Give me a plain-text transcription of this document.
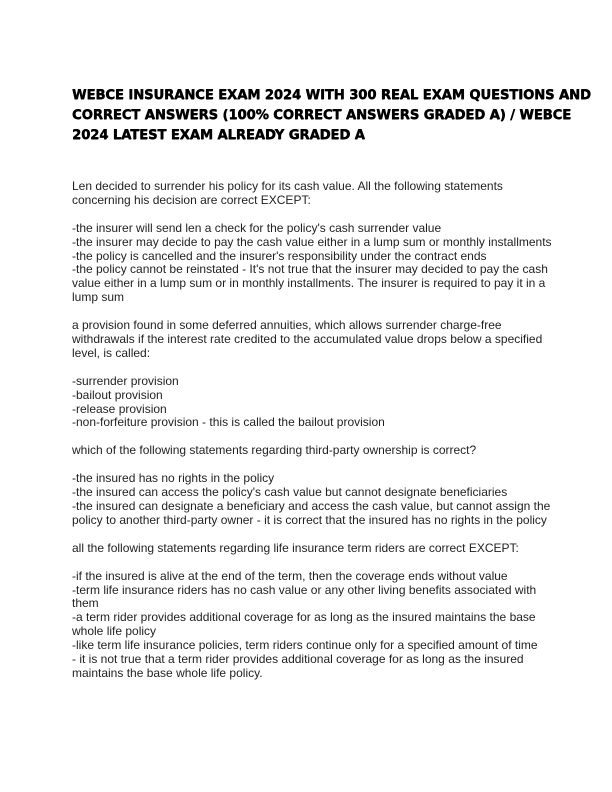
WEBCE INSURANCE EXAM 2024 WITH 300 REAL EXAM QUESTIONS AND
CORRECT ANSWERS (100% CORRECT ANSWERS GRADED A) / WEBCE
2024 LATEST EXAM ALREADY GRADED A

Len decided to surrender his policy for its cash value. All the following statements concerning his decision are correct EXCEPT:

-the insurer will send len a check for the policy's cash surrender value

-the insurer may decide to pay the cash value either in a lump sum or monthly installments

-the policy is cancelled and the insurer's responsibility under the contract ends

-the policy cannot be reinstated - It's not true that the insurer may decided to pay the cash value either in a lump sum or in monthly installments. The insurer is required to pay it in a lump sum

a provision found in some deferred annuities, which allows surrender charge-free withdrawals if the interest rate credited to the accumulated value drops below a specified level, is called:

-surrender provision

-bailout provision

-release provision

-non-forfeiture provision - this is called the bailout provision

which of the following statements regarding third-party ownership is correct?

-the insured has no rights in the policy

-the insured can access the policy's cash value but cannot designate beneficiaries

-the insured can designate a beneficiary and access the cash value, but cannot assign the policy to another third-party owner - it is correct that the insured has no rights in the policy

all the following statements regarding life insurance term riders are correct EXCEPT:

-if the insured is alive at the end of the term, then the coverage ends without value

-term life insurance riders has no cash value or any other living benefits associated with them

-a term rider provides additional coverage for as long as the insured maintains the base whole life policy

-like term life insurance policies, term riders continue only for a specified amount of time

- it is not true that a term rider provides additional coverage for as long as the insured maintains the base whole life policy.
